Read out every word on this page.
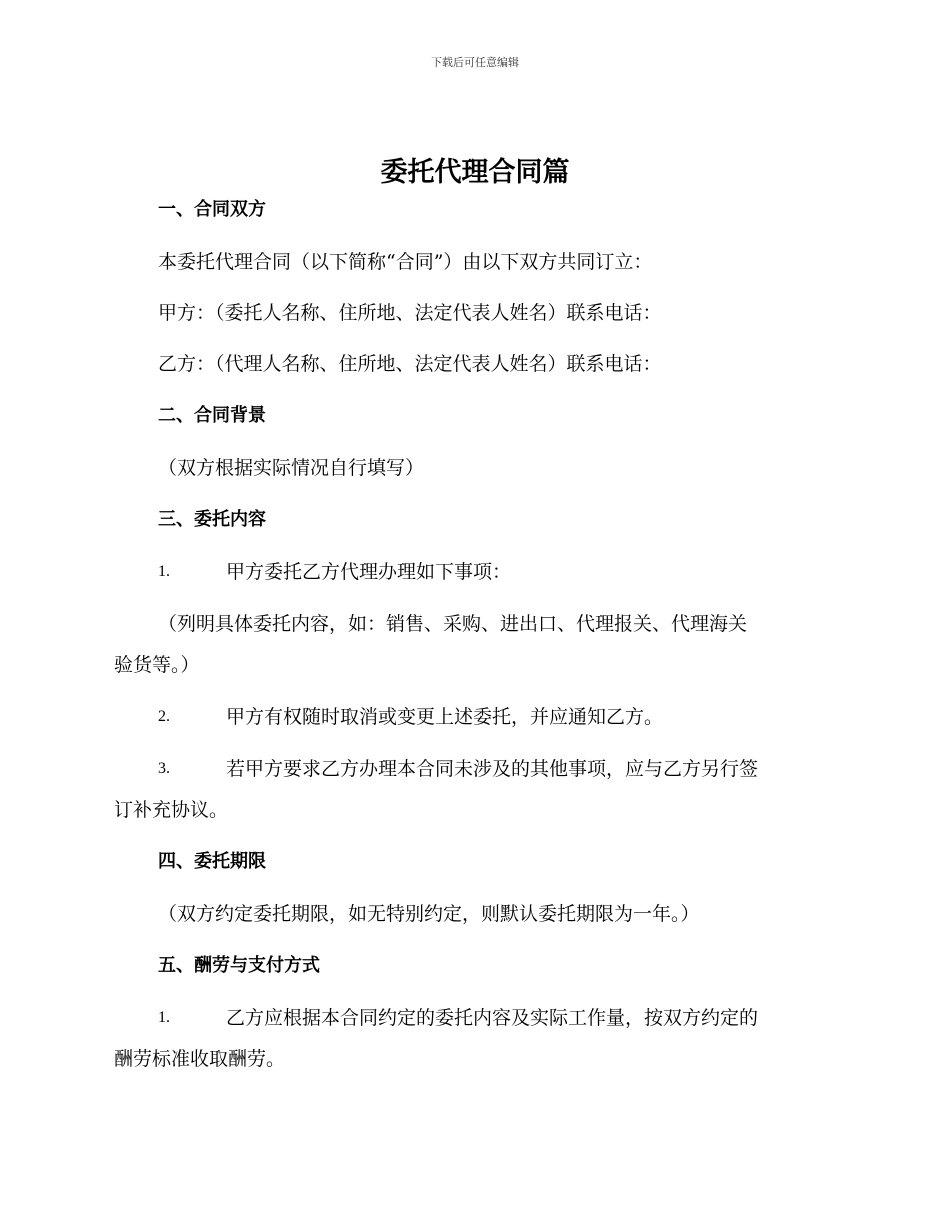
下载后可任意编辑
委托代理合同篇
一、合同双方
本委托代理合同（以下简称“合同”）由以下双方共同订立：
甲方：（委托人名称、住所地、法定代表人姓名）联系电话：
乙方：（代理人名称、住所地、法定代表人姓名）联系电话：
二、合同背景
（双方根据实际情况自行填写）
三、委托内容
1.	甲方委托乙方代理办理如下事项：
（列明具体委托内容，如：销售、采购、进出口、代理报关、代理海关
验货等。）
2.	甲方有权随时取消或变更上述委托，并应通知乙方。
3.	若甲方要求乙方办理本合同未涉及的其他事项，应与乙方另行签
订补充协议。
四、委托期限
（双方约定委托期限，如无特别约定，则默认委托期限为一年。）
五、酬劳与支付方式
1.	乙方应根据本合同约定的委托内容及实际工作量，按双方约定的
酬劳标准收取酬劳。
